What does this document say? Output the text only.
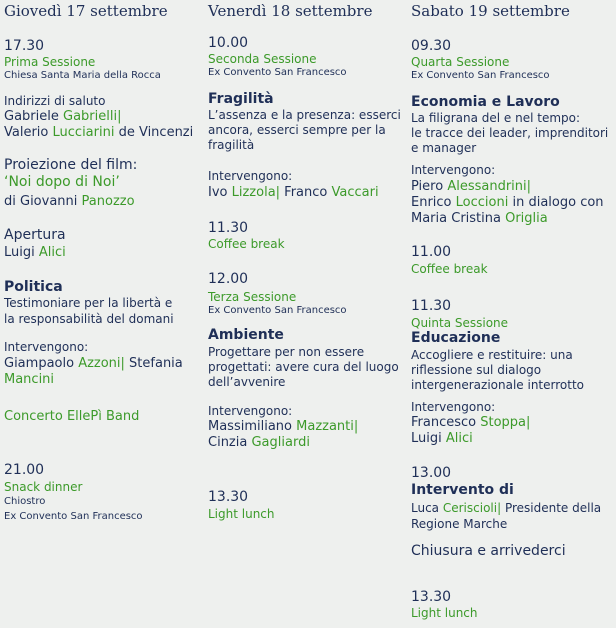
Giovedì 17 settembre
17.30
Prima Sessione
Chiesa Santa Maria della Rocca
Indirizzi di saluto
Gabriele Gabrielli|
Valerio Lucciarini de Vincenzi
Proiezione del film:
‘Noi dopo di Noi’
di Giovanni Panozzo
Apertura
Luigi Alici
Politica
Testimoniare per la libertà e
la responsabilità del domani
Intervengono:
Giampaolo Azzoni| Stefania
Mancini
Concerto EllePì Band
21.00
Snack dinner
Chiostro
Ex Convento San Francesco
Venerdì 18 settembre
10.00
Seconda Sessione
Ex Convento San Francesco
Fragilità
L’assenza e la presenza: esserci
ancora, esserci sempre per la
fragilità
Intervengono:
Ivo Lizzola| Franco Vaccari
11.30
Coffee break
12.00
Terza Sessione
Ex Convento San Francesco
Ambiente
Progettare per non essere
progettati: avere cura del luogo
dell’avvenire
Intervengono:
Massimiliano Mazzanti|
Cinzia Gagliardi
13.30
Light lunch
Sabato 19 settembre
09.30
Quarta Sessione
Ex Convento San Francesco
Economia e Lavoro
La filigrana del e nel tempo:
le tracce dei leader, imprenditori
e manager
Intervengono:
Piero Alessandrini|
Enrico Loccioni in dialogo con
Maria Cristina Origlia
11.00
Coffee break
11.30
Quinta Sessione
Educazione
Accogliere e restituire: una
riflessione sul dialogo
intergenerazionale interrotto
Intervengono:
Francesco Stoppa|
Luigi Alici
13.00
Intervento di
Luca Ceriscioli| Presidente della
Regione Marche
Chiusura e arrivederci
13.30
Light lunch
